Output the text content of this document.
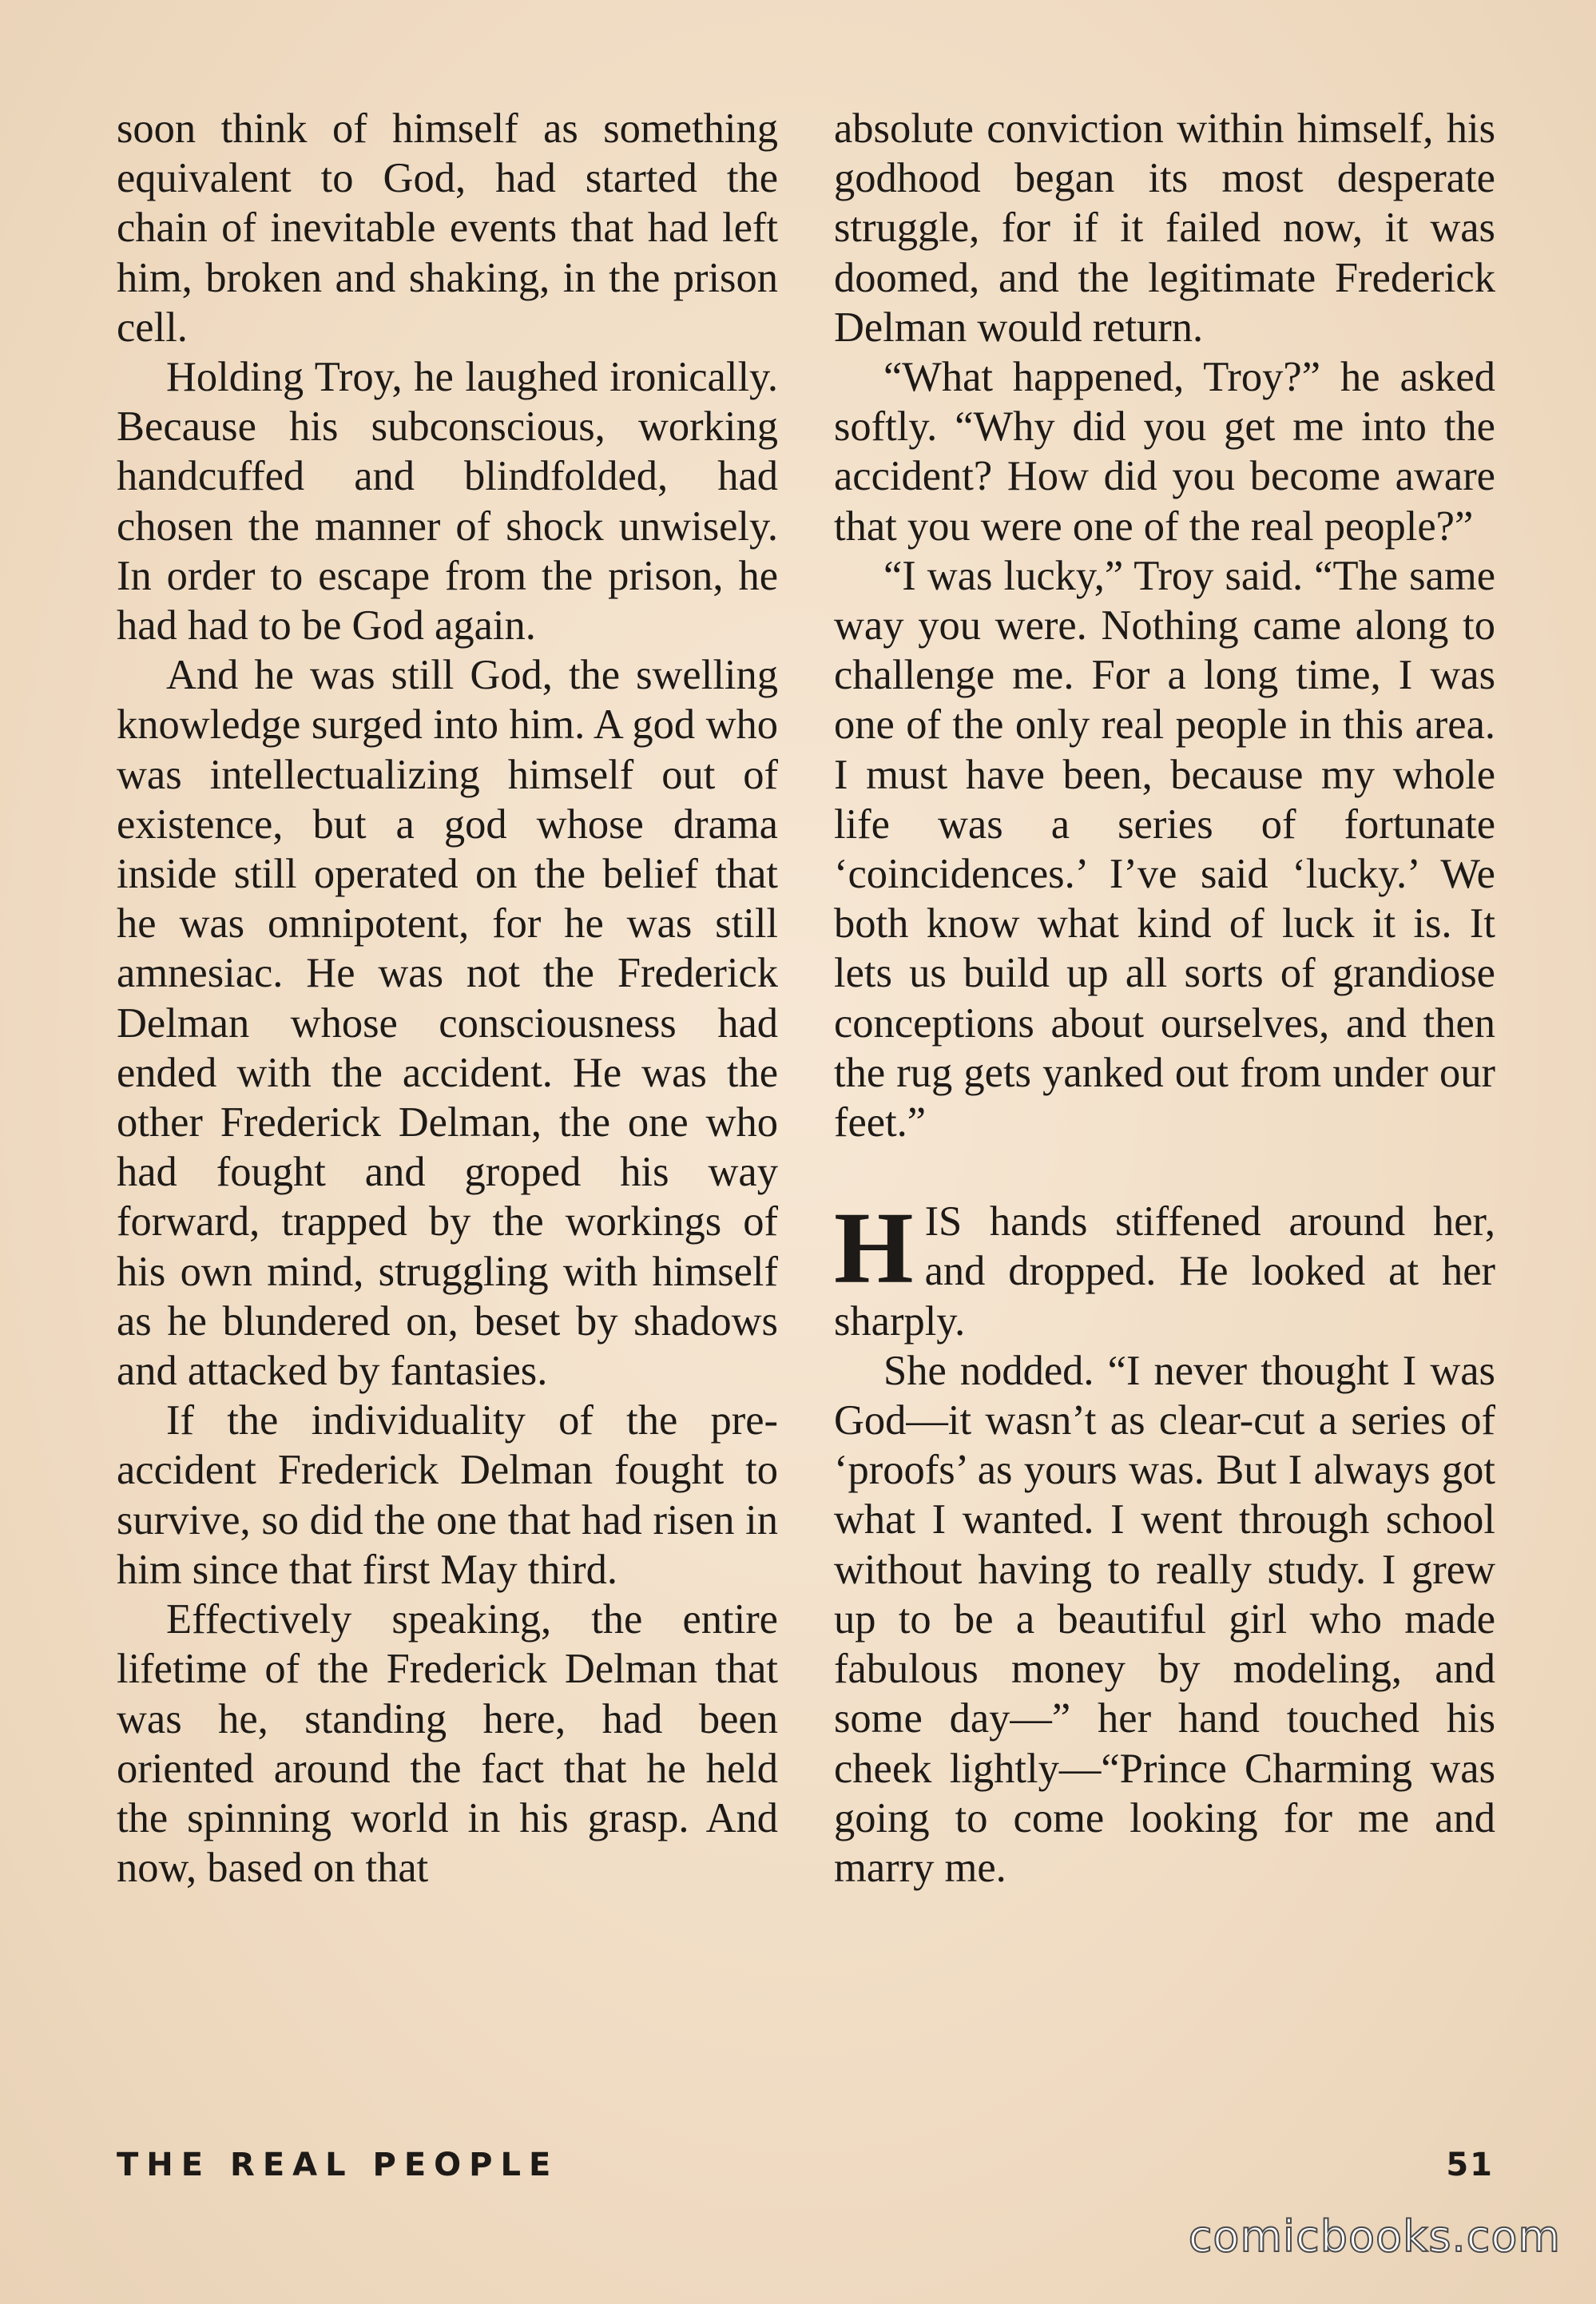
soon think of himself as something equivalent to God, had started the chain of inevitable events that had left him, broken and shaking, in the prison cell.

Holding Troy, he laughed ironically. Because his subconscious, working handcuffed and blindfolded, had chosen the manner of shock unwisely. In order to escape from the prison, he had had to be God again.

And he was still God, the swelling knowledge surged into him. A god who was intellectualizing himself out of existence, but a god whose drama inside still operated on the belief that he was omnipotent, for he was still amnesiac. He was not the Frederick Delman whose consciousness had ended with the accident. He was the other Frederick Delman, the one who had fought and groped his way forward, trapped by the workings of his own mind, struggling with himself as he blundered on, beset by shadows and attacked by fantasies.

If the individuality of the pre-accident Frederick Delman fought to survive, so did the one that had risen in him since that first May third.

Effectively speaking, the entire lifetime of the Frederick Delman that was he, standing here, had been oriented around the fact that he held the spinning world in his grasp. And now, based on that

absolute conviction within himself, his godhood began its most desperate struggle, for if it failed now, it was doomed, and the legitimate Frederick Delman would return.

“What happened, Troy?” he asked softly. “Why did you get me into the accident? How did you become aware that you were one of the real people?”

“I was lucky,” Troy said. “The same way you were. Nothing came along to challenge me. For a long time, I was one of the only real people in this area. I must have been, because my whole life was a series of fortunate ‘coincidences.’ I’ve said ‘lucky.’ We both know what kind of luck it is. It lets us build up all sorts of grandiose conceptions about ourselves, and then the rug gets yanked out from under our feet.”

HIS hands stiffened around her, and dropped. He looked at her sharply.

She nodded. “I never thought I was God—it wasn’t as clear-cut a series of ‘proofs’ as yours was. But I always got what I wanted. I went through school without having to really study. I grew up to be a beautiful girl who made fabulous money by modeling, and some day—” her hand touched his cheek lightly—“Prince Charming was going to come looking for me and marry me.

THE REAL PEOPLE	51
comicbooks.com
